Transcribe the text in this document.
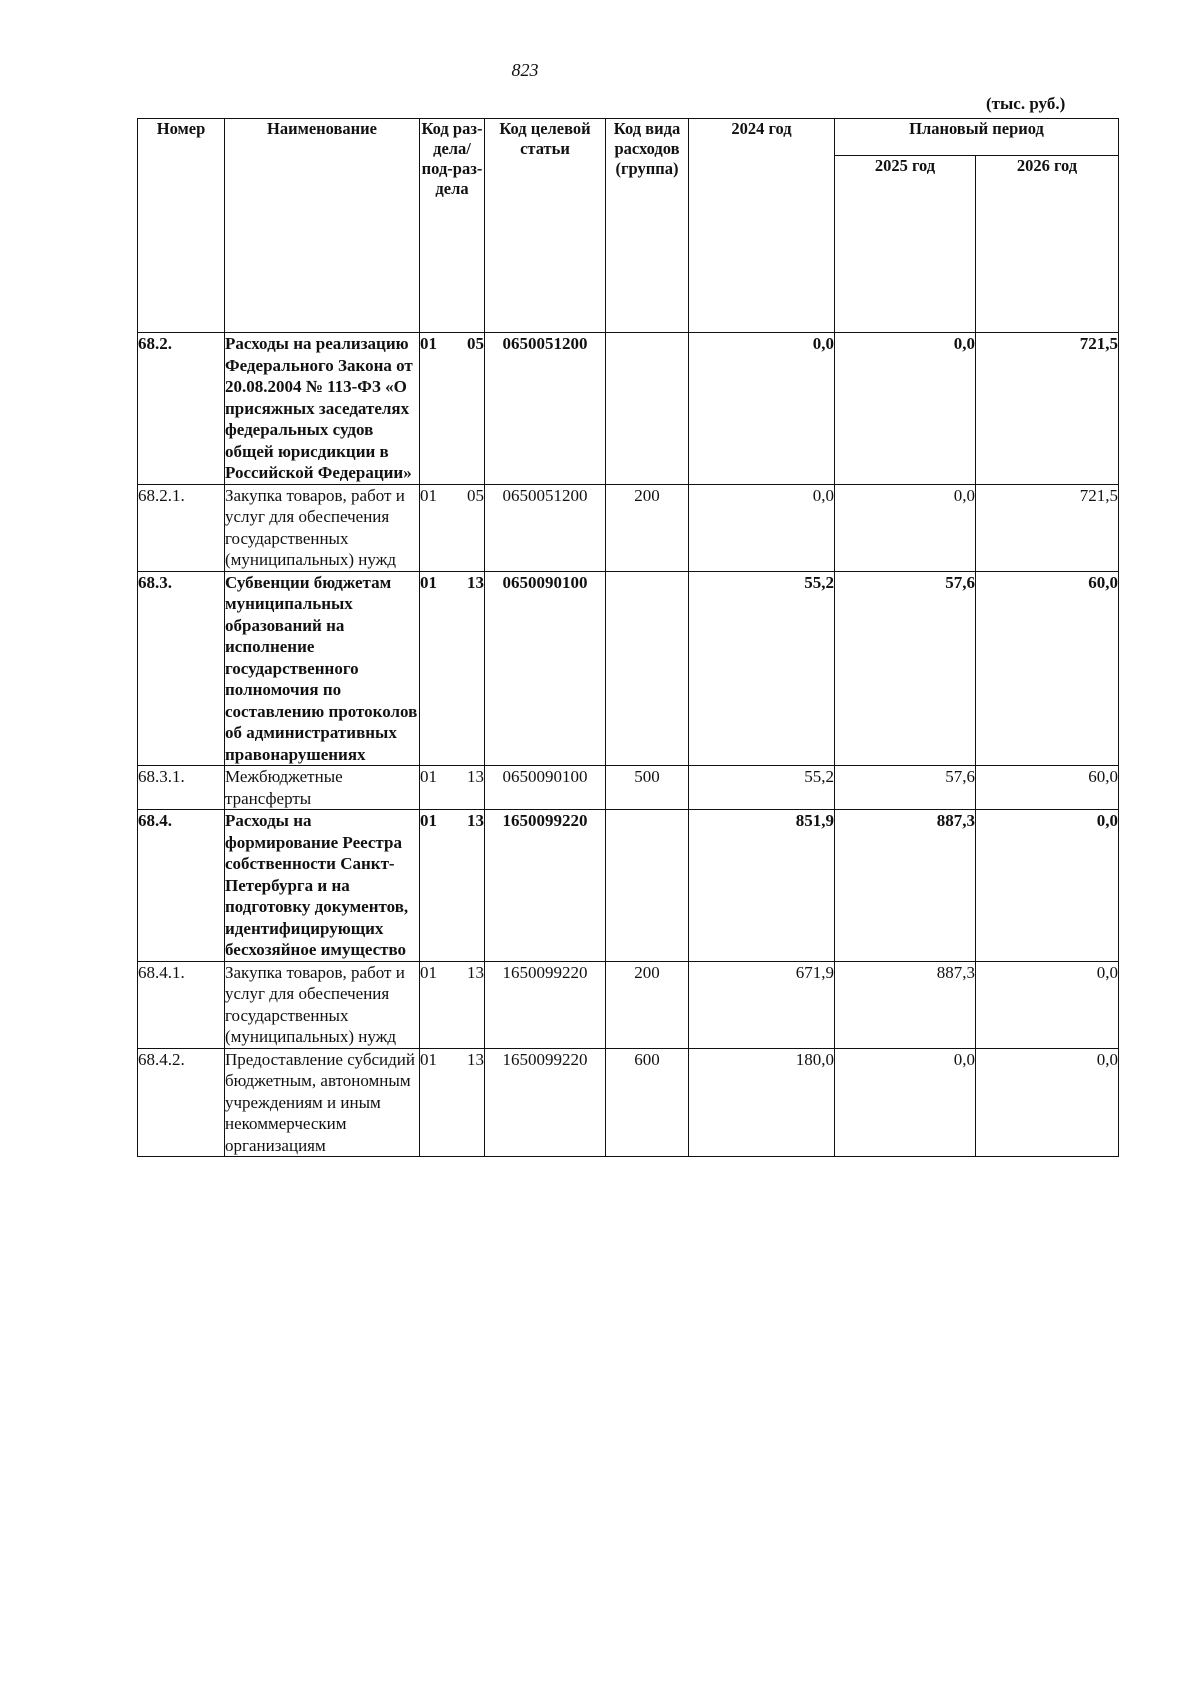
823
(тыс. руб.)
Номер	Наименование	Код раз-дела/ под-раз-дела	Код целевой статьи	Код вида расходов (группа)	2024 год	Плановый период	
						2025 год	2026 год
68.2.	Расходы на реализацию Федерального Закона от 20.08.2004 № 113-ФЗ «О присяжных заседателях федеральных судов общей юрисдикции в Российской Федерации»	01 05	0650051200		0,0	0,0	721,5
68.2.1.	Закупка товаров, работ и услуг для обеспечения государственных (муниципальных) нужд	01 05	0650051200	200	0,0	0,0	721,5
68.3.	Субвенции бюджетам муниципальных образований на исполнение государственного полномочия по составлению протоколов об административных правонарушениях	01 13	0650090100		55,2	57,6	60,0
68.3.1.	Межбюджетные трансферты	01 13	0650090100	500	55,2	57,6	60,0
68.4.	Расходы на формирование Реестра собственности Санкт-Петербурга и на подготовку документов, идентифицирующих бесхозяйное имущество	01 13	1650099220		851,9	887,3	0,0
68.4.1.	Закупка товаров, работ и услуг для обеспечения государственных (муниципальных) нужд	01 13	1650099220	200	671,9	887,3	0,0
68.4.2.	Предоставление субсидий бюджетным, автономным учреждениям и иным некоммерческим организациям	01 13	1650099220	600	180,0	0,0	0,0
